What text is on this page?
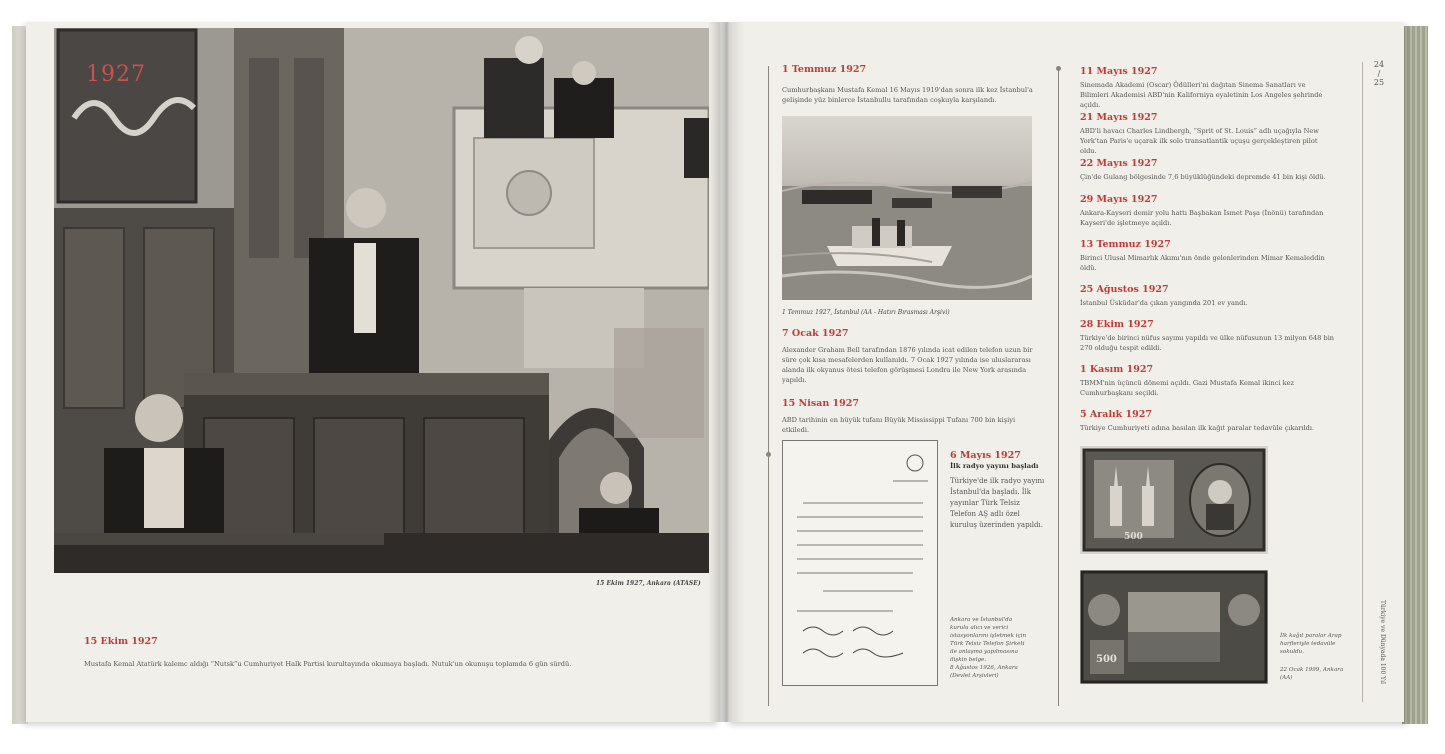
1927
15 Ekim 1927, Ankara (ATASE)

15 Ekim 1927

Mustafa Kemal Atatürk kalemc aldığı “Nutsk”u Cumhuriyet Halk Partisi kurultayında okumaya başladı. Nutuk'un okunuşu toplamda 6 gün sürdü.

1 Temmuz 1927

Cumhurbaşkanı Mustafa Kemal 16 Mayıs 1919'dan sonra ilk kez İstanbul'a gelişinde yüz binlerce İstanbullu tarafından coşkuyla karşılandı.

1 Temmuz 1927, İstanbul (AA - Hatırı Bırasması Arşivi)

7 Ocak 1927

Alexander Graham Bell tarafından 1876 yılında icat edilen telefon uzun bir süre çok kısa mesafelerden kullanıldı. 7 Ocak 1927 yılında ise uluslararası alanda ilk okyanus ötesi telefon görüşmesi Londra ile New York arasında yapıldı.

15 Nisan 1927

ABD tarihinin en büyük tufanı Büyük Mississippi Tufanı 700 bin kişiyi etkiledi.

6 Mayıs 1927

İlk radyo yayını başladı

Türkiye'de ilk radyo yayını İstanbul'da başladı. İlk yayınlar Türk Telsiz Telefon AŞ adlı özel kuruluş üzerinden yapıldı.

Ankara ve İstanbul'da kurulu alıcı ve verici istasyonlarını işletmek için Türk Telsiz Telefon Şirketi ile anlaşma yapılmasına ilişkin belge.
8 Ağustos 1926, Ankara (Devlet Arşivleri)

11 Mayıs 1927

Sinemada Akademi (Oscar) Ödülleri'ni dağıtan Sinema Sanatları ve Bilimleri Akademisi ABD'nin Kaliforniya eyaletinin Los Angeles şehrinde açıldı.

21 Mayıs 1927

ABD'li havacı Charles Lindbergh, “Sprit of St. Louis” adlı uçağıyla New York'tan Paris'e uçarak ilk solo transatlantik uçuşu gerçekleştiren pilot oldu.

22 Mayıs 1927

Çin'de Gulang bölgesinde 7,6 büyüklüğündeki depremde 41 bin kişi öldü.

29 Mayıs 1927

Ankara-Kayseri demir yolu hattı Başbakan İsmet Paşa (İnönü) tarafından Kayseri'de işletmeye açıldı.

13 Temmuz 1927

Birinci Ulusal Mimarlık Akımı'nın önde gelenlerinden Mimar Kemaleddin öldü.

25 Ağustos 1927

İstanbul Üsküdar'da çıkan yangında 201 ev yandı.

28 Ekim 1927

Türkiye'de birinci nüfus sayımı yapıldı ve ülke nüfusunun 13 milyon 648 bin 270 olduğu tespit edildi.

1 Kasım 1927

TBMM'nin üçüncü dönemi açıldı. Gazi Mustafa Kemal ikinci kez Cumhurbaşkanı seçildi.

5 Aralık 1927

Türkiye Cumhuriyeti adına basılan ilk kağıt paralar tedavüle çıkarıldı.

500
500
İlk kağıt paralar Arap harfleriyle tedavüle sokuldu.
22 Ocak 1999, Ankara (AA)
24
/
25
Türkiye ve Dünyada 100 Yıl
